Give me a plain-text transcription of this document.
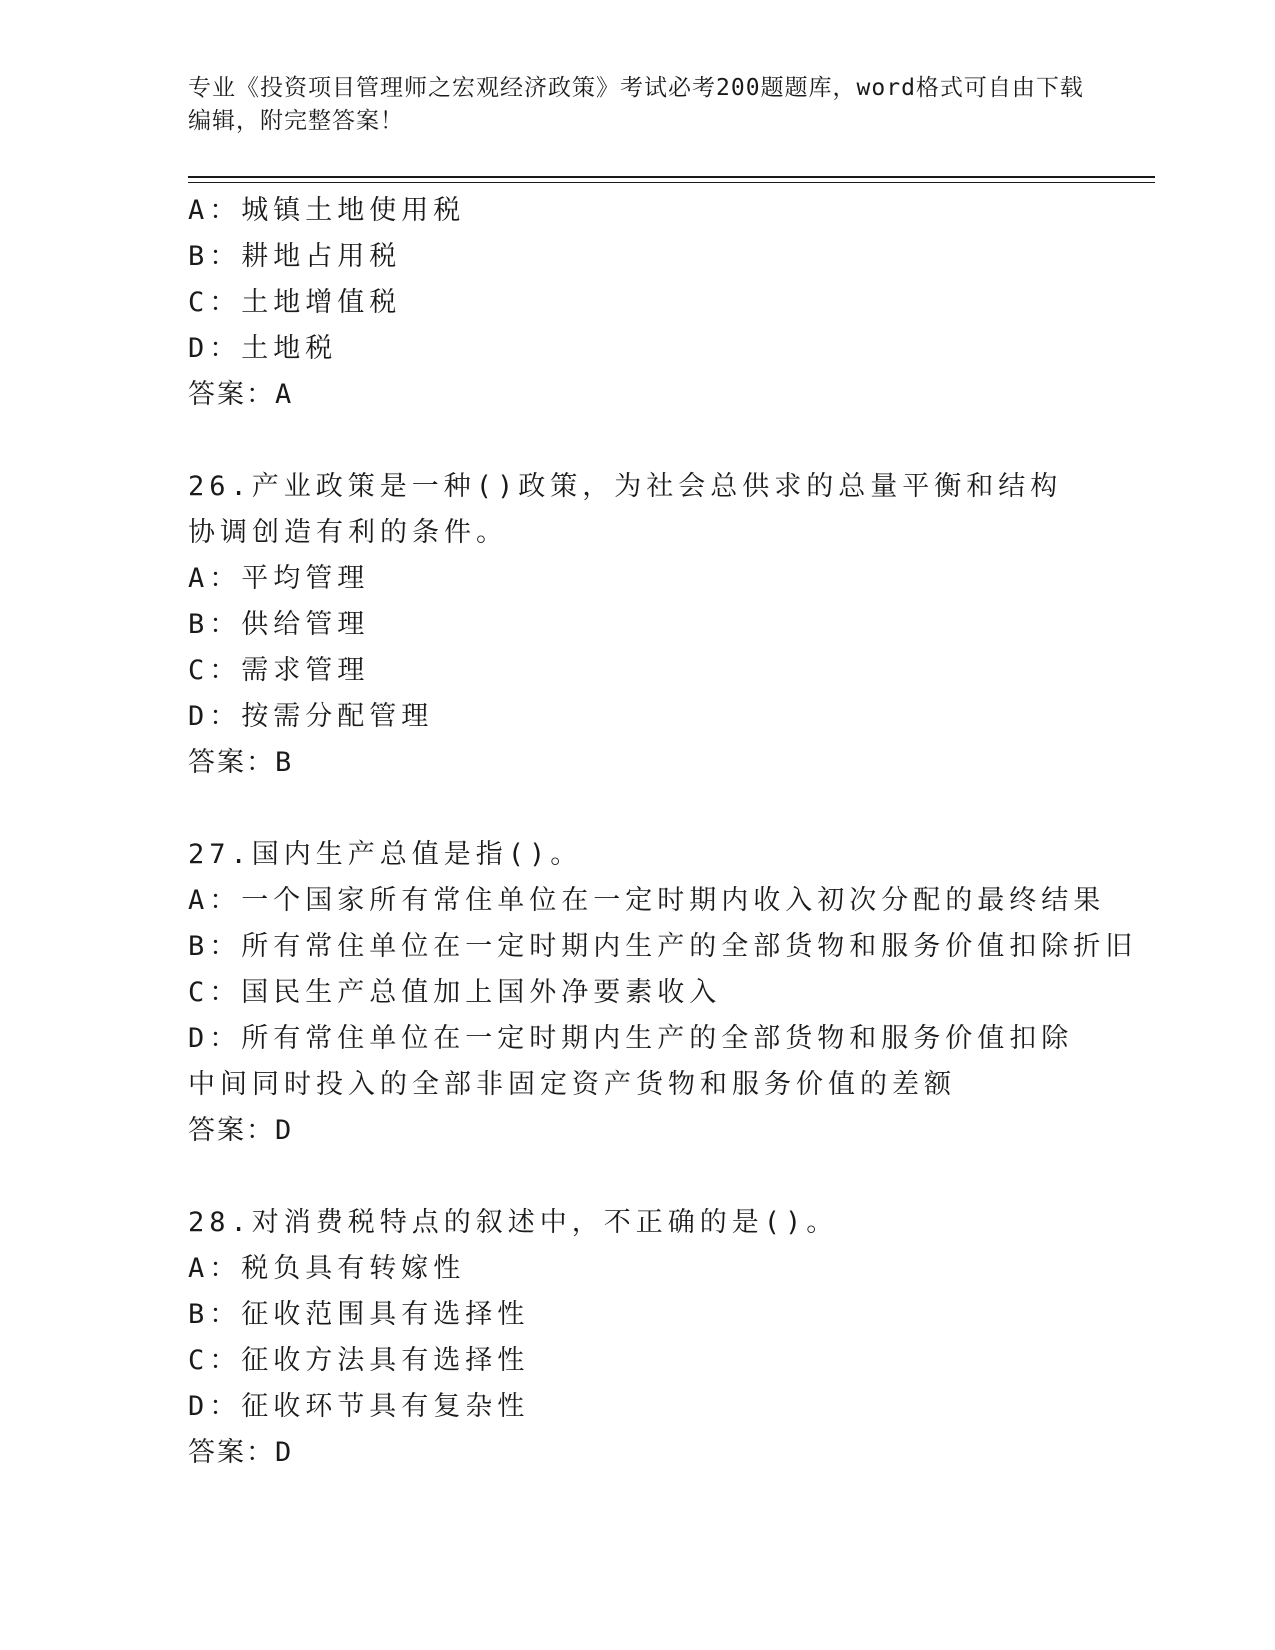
专业《投资项目管理师之宏观经济政策》考试必考200题题库，word格式可自由下载编辑，附完整答案！
A：城镇土地使用税
B：耕地占用税
C：土地增值税
D：土地税
答案：A
26.产业政策是一种()政策，为社会总供求的总量平衡和结构协调创造有利的条件。
A：平均管理
B：供给管理
C：需求管理
D：按需分配管理
答案：B
27.国内生产总值是指()。
A：一个国家所有常住单位在一定时期内收入初次分配的最终结果
B：所有常住单位在一定时期内生产的全部货物和服务价值扣除折旧
C：国民生产总值加上国外净要素收入
D：所有常住单位在一定时期内生产的全部货物和服务价值扣除中间同时投入的全部非固定资产货物和服务价值的差额
答案：D
28.对消费税特点的叙述中，不正确的是()。
A：税负具有转嫁性
B：征收范围具有选择性
C：征收方法具有选择性
D：征收环节具有复杂性
答案：D
